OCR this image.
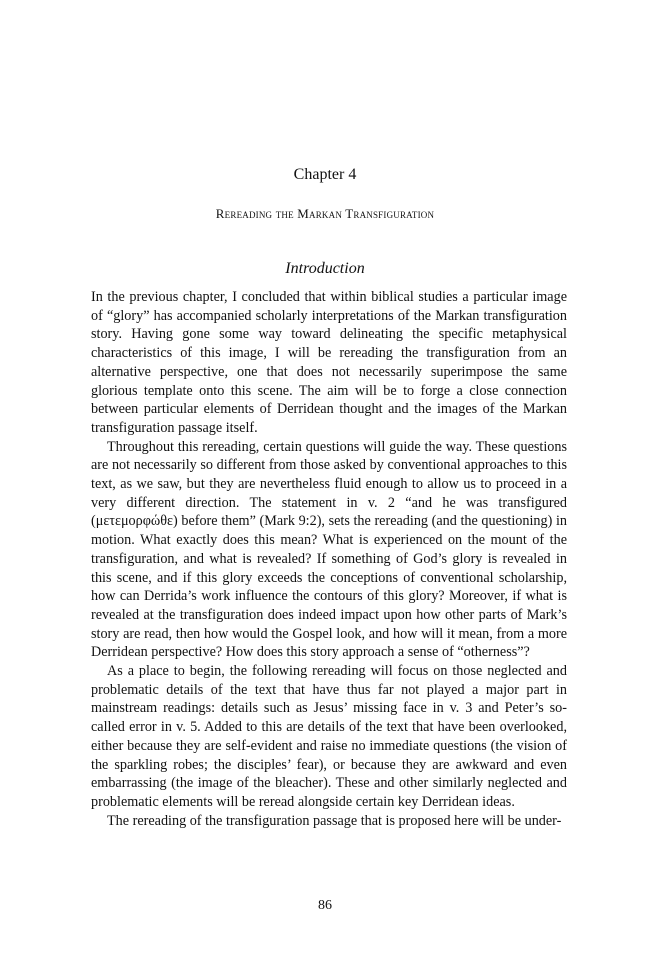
Chapter 4
Rereading the Markan Transfiguration
Introduction

In the previous chapter, I concluded that within biblical studies a particular image of “glory” has accompanied scholarly interpretations of the Markan transfiguration story. Having gone some way toward delineating the specific metaphysical characteristics of this image, I will be rereading the transfiguration from an alternative perspective, one that does not necessarily superimpose the same glorious template onto this scene. The aim will be to forge a close connection between particular elements of Derridean thought and the images of the Markan transfiguration passage itself.

Throughout this rereading, certain questions will guide the way. These questions are not necessarily so different from those asked by conventional approaches to this text, as we saw, but they are nevertheless fluid enough to allow us to proceed in a very different direction. The statement in v. 2 “and he was transfigured (μετεμορφώθε) before them” (Mark 9:2), sets the rereading (and the questioning) in motion. What exactly does this mean? What is experienced on the mount of the transfiguration, and what is revealed? If something of God’s glory is revealed in this scene, and if this glory exceeds the conceptions of conventional scholarship, how can Derrida’s work influence the contours of this glory? Moreover, if what is revealed at the transfiguration does indeed impact upon how other parts of Mark’s story are read, then how would the Gospel look, and how will it mean, from a more Derridean perspective? How does this story approach a sense of “otherness”?

As a place to begin, the following rereading will focus on those neglected and problematic details of the text that have thus far not played a major part in mainstream readings: details such as Jesus’ missing face in v. 3 and Peter’s so-called error in v. 5. Added to this are details of the text that have been overlooked, either because they are self-evident and raise no immediate questions (the vision of the sparkling robes; the disciples’ fear), or because they are awkward and even embarrassing (the image of the bleacher). These and other similarly neglected and problematic elements will be reread alongside certain key Derridean ideas.

The rereading of the transfiguration passage that is proposed here will be under-

86
